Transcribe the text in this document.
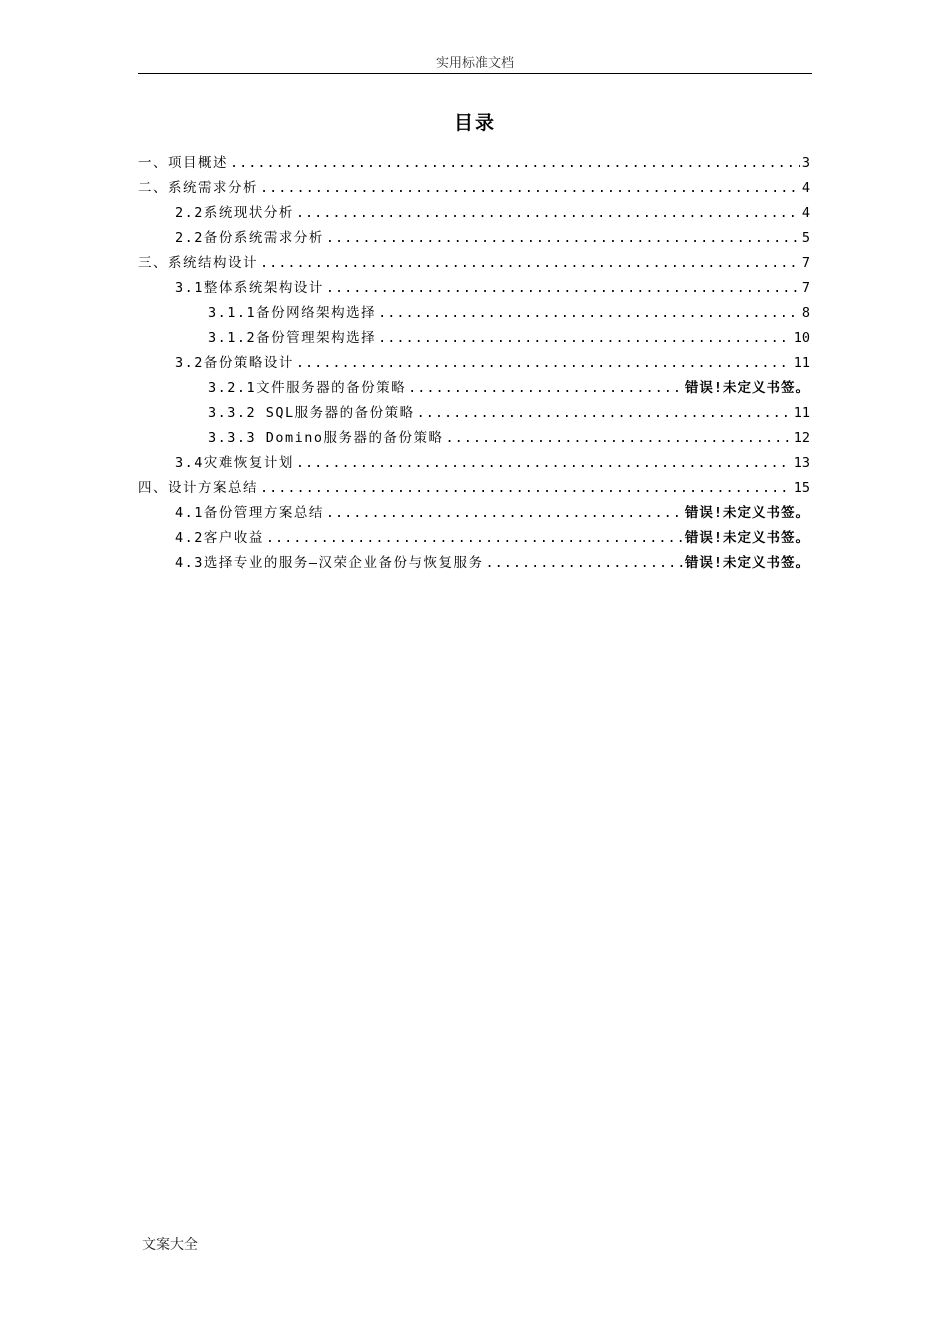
实用标准文档
目录
一、项目概述 .....	3
二、系统需求分析 .....	4
2.2系统现状分析 .....	4
2.2备份系统需求分析 .....	5
三、系统结构设计 .....	7
3.1整体系统架构设计 .....	7
3.1.1备份网络架构选择 .....	8
3.1.2备份管理架构选择 .....	10
3.2备份策略设计 .....	11
3.2.1文件服务器的备份策略 .....	错误!未定义书签。
3.3.2 SQL服务器的备份策略 .....	11
3.3.3 Domino服务器的备份策略 .....	12
3.4灾难恢复计划 .....	13
四、设计方案总结 .....	15
4.1备份管理方案总结 .....	错误!未定义书签。
4.2客户收益 .....	错误!未定义书签。
4.3选择专业的服务—汉荣企业备份与恢复服务 .....	错误!未定义书签。
文案大全
